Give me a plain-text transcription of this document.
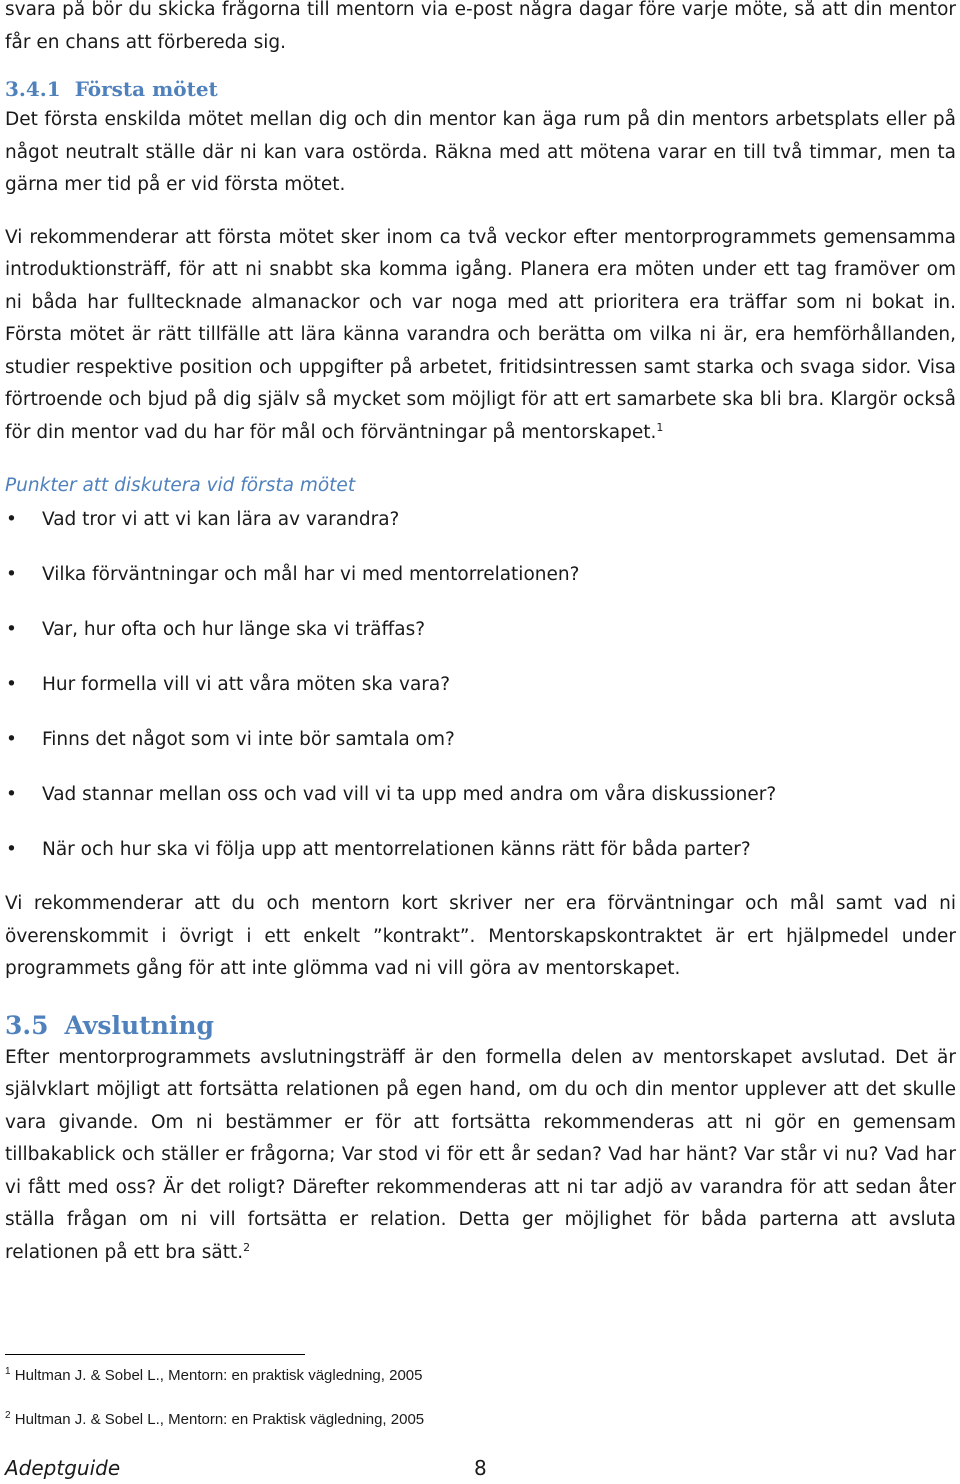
svara på bör du skicka frågorna till mentorn via e-post några dagar före varje möte, så att din mentor får en chans att förbereda sig.

3.4.1 Första mötet

Det första enskilda mötet mellan dig och din mentor kan äga rum på din mentors arbetsplats eller på något neutralt ställe där ni kan vara ostörda. Räkna med att mötena varar en till två timmar, men ta gärna mer tid på er vid första mötet.

Vi rekommenderar att första mötet sker inom ca två veckor efter mentorprogrammets gemensamma introduktionsträff, för att ni snabbt ska komma igång. Planera era möten under ett tag framöver om ni båda har fulltecknade almanackor och var noga med att prioritera era träffar som ni bokat in. Första mötet är rätt tillfälle att lära känna varandra och berätta om vilka ni är, era hemförhållanden, studier respektive position och uppgifter på arbetet, fritidsintressen samt starka och svaga sidor. Visa förtroende och bjud på dig själv så mycket som möjligt för att ert samarbete ska bli bra. Klargör också för din mentor vad du har för mål och förväntningar på mentorskapet.$^1$

Punkter att diskutera vid första mötet

• Vad tror vi att vi kan lära av varandra?
• Vilka förväntningar och mål har vi med mentorrelationen?
• Var, hur ofta och hur länge ska vi träffas?
• Hur formella vill vi att våra möten ska vara?
• Finns det något som vi inte bör samtala om?
• Vad stannar mellan oss och vad vill vi ta upp med andra om våra diskussioner?
• När och hur ska vi följa upp att mentorrelationen känns rätt för båda parter?

Vi rekommenderar att du och mentorn kort skriver ner era förväntningar och mål samt vad ni överenskommit i övrigt i ett enkelt ”kontrakt”. Mentorskapskontraktet är ert hjälpmedel under programmets gång för att inte glömma vad ni vill göra av mentorskapet.

3.5 Avslutning

Efter mentorprogrammets avslutningsträff är den formella delen av mentorskapet avslutad. Det är självklart möjligt att fortsätta relationen på egen hand, om du och din mentor upplever att det skulle vara givande. Om ni bestämmer er för att fortsätta rekommenderas att ni gör en gemensam tillbakablick och ställer er frågorna; Var stod vi för ett år sedan? Vad har hänt? Var står vi nu? Vad har vi fått med oss? Är det roligt? Därefter rekommenderas att ni tar adjö av varandra för att sedan åter ställa frågan om ni vill fortsätta er relation. Detta ger möjlighet för båda parterna att avsluta relationen på ett bra sätt.$^2$

$^1$ Hultman J. & Sobel L., Mentorn: en praktisk vägledning, 2005
$^2$ Hultman J. & Sobel L., Mentorn: en Praktisk vägledning, 2005
Adeptguide	8
